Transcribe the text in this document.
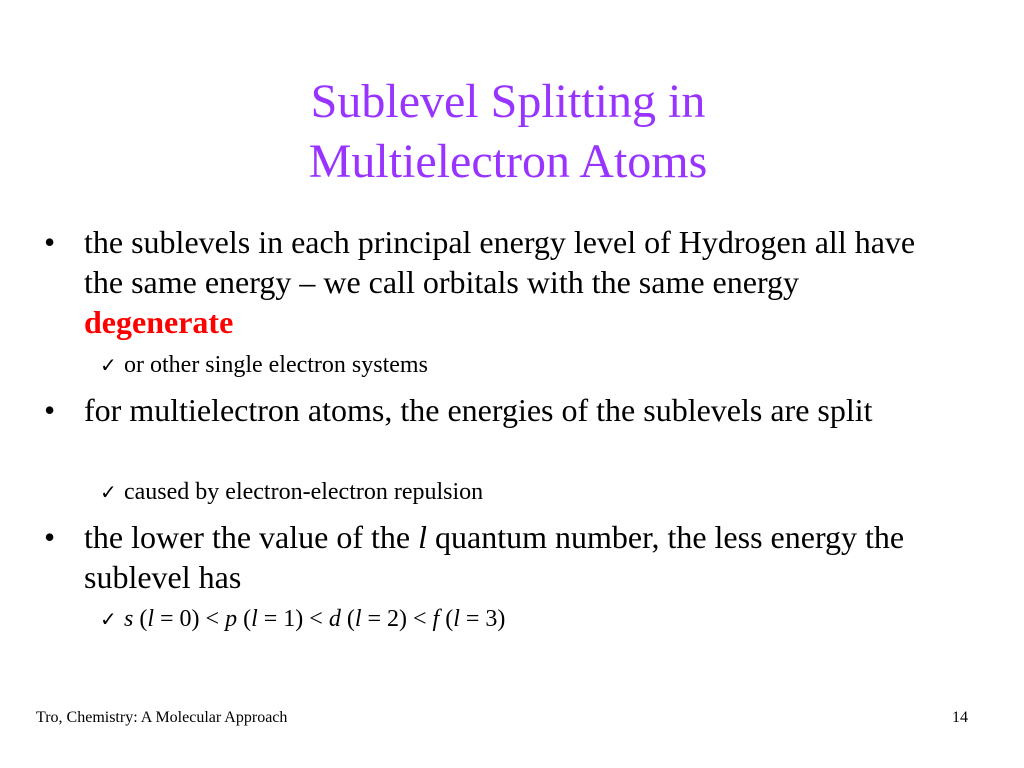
Sublevel Splitting in
Multielectron Atoms
• the sublevels in each principal energy level of Hydrogen all have the same energy – we call orbitals with the same energy degenerate
✓ or other single electron systems
• for multielectron atoms, the energies of the sublevels are split
✓ caused by electron-electron repulsion
• the lower the value of the l quantum number, the less energy the sublevel has
✓ s (l = 0) < p (l = 1) < d (l = 2) < f (l = 3)
Tro, Chemistry: A Molecular Approach	14
